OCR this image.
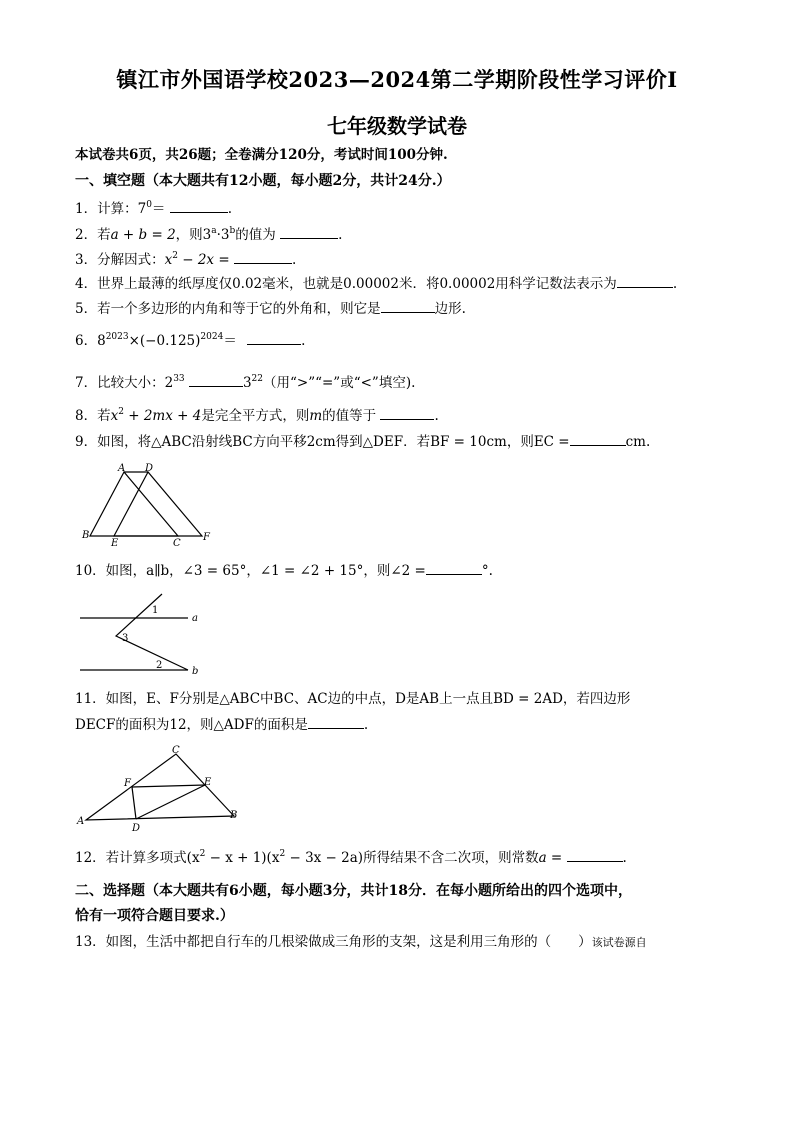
镇江市外国语学校2023—2024第二学期阶段性学习评价Ⅰ
七年级数学试卷
本试卷共6页，共26题；全卷满分120分，考试时间100分钟.
一、填空题（本大题共有12小题，每小题2分，共计24分.）
1．计算：$7^0=$	.
2．若a + b = 2，则$3^a\cdot 3^b$的值为	.
3．分解因式：$x^2 - 2x$ =	.
4．世界上最薄的纸厚度仅0.02毫米，也就是0.00002米．将0.00002用科学记数法表示为	.
5．若一个多边形的内角和等于它的外角和，则它是	边形.
6．$8^{2023}\times(-0.125)^{2024}=$	.
7．比较大小：$2^{33}$	$3^{22}$（用“>”“=”或“<”填空).
8．若$x^2 + 2mx + 4$是完全平方式，则m的值等于	.
9．如图，将△ABC沿射线BC方向平移2cm得到△DEF．若BF = 10cm，则EC =	cm.
A D
B
E	C
F
10．如图，a∥b，∠3 = 65°，∠1 = ∠2 + 15°，则∠2 =	°.
1
3
2
a
b
11．如图，E、F分别是△ABC中BC、AC边的中点，D是AB上一点且BD = 2AD，若四边形
DECF的面积为12，则△ADF的面积是	.
C
F	E
A
D
B
12．若计算多项式$(x^2 - x + 1)(x^2 - 3x - 2a)$所得结果不含二次项，则常数a =	.
二、选择题（本大题共有6小题，每小题3分，共计18分．在每小题所给出的四个选项中，
恰有一项符合题目要求.）
13．如图，生活中都把自行车的几根梁做成三角形的支架，这是利用三角形的（　　）该试卷源自
